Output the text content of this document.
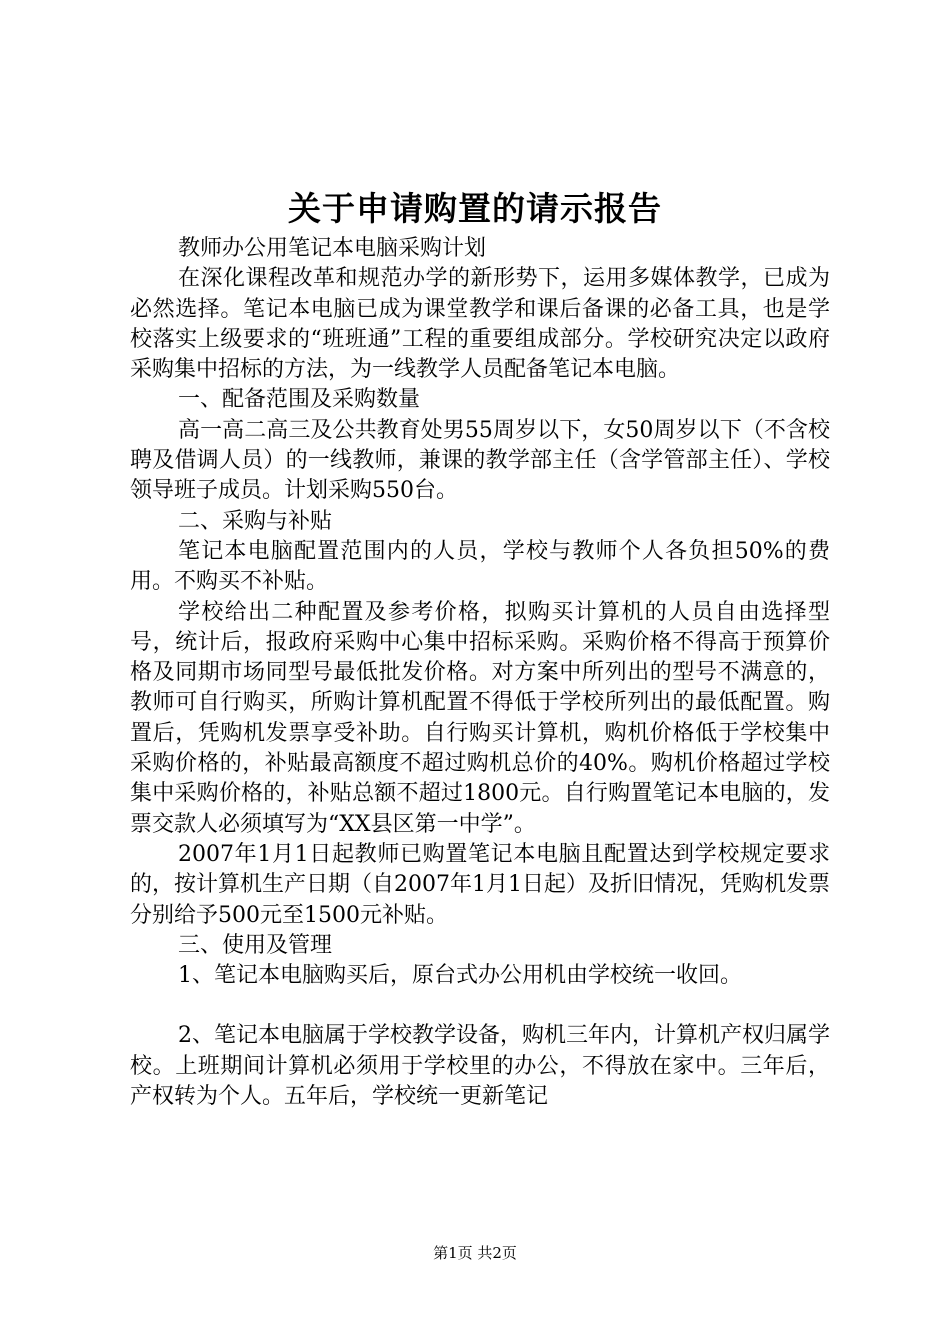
关于申请购置的请示报告

教师办公用笔记本电脑采购计划

在深化课程改革和规范办学的新形势下，运用多媒体教学，已成为必然选择。笔记本电脑已成为课堂教学和课后备课的必备工具，也是学校落实上级要求的“班班通”工程的重要组成部分。学校研究决定以政府采购集中招标的方法，为一线教学人员配备笔记本电脑。

一、配备范围及采购数量

高一高二高三及公共教育处男55周岁以下，女50周岁以下（不含校聘及借调人员）的一线教师，兼课的教学部主任（含学管部主任）、学校领导班子成员。计划采购550台。

二、采购与补贴

笔记本电脑配置范围内的人员，学校与教师个人各负担50%的费用。不购买不补贴。

学校给出二种配置及参考价格，拟购买计算机的人员自由选择型号，统计后，报政府采购中心集中招标采购。采购价格不得高于预算价格及同期市场同型号最低批发价格。对方案中所列出的型号不满意的，教师可自行购买，所购计算机配置不得低于学校所列出的最低配置。购置后，凭购机发票享受补助。自行购买计算机，购机价格低于学校集中采购价格的，补贴最高额度不超过购机总价的40%。购机价格超过学校集中采购价格的，补贴总额不超过1800元。自行购置笔记本电脑的，发票交款人必须填写为“XX县区第一中学”。

2007年1月1日起教师已购置笔记本电脑且配置达到学校规定要求的，按计算机生产日期（自2007年1月1日起）及折旧情况，凭购机发票分别给予500元至1500元补贴。

三、使用及管理

1、笔记本电脑购买后，原台式办公用机由学校统一收回。

2、笔记本电脑属于学校教学设备，购机三年内，计算机产权归属学校。上班期间计算机必须用于学校里的办公，不得放在家中。三年后，产权转为个人。五年后，学校统一更新笔记

第1页 共2页
